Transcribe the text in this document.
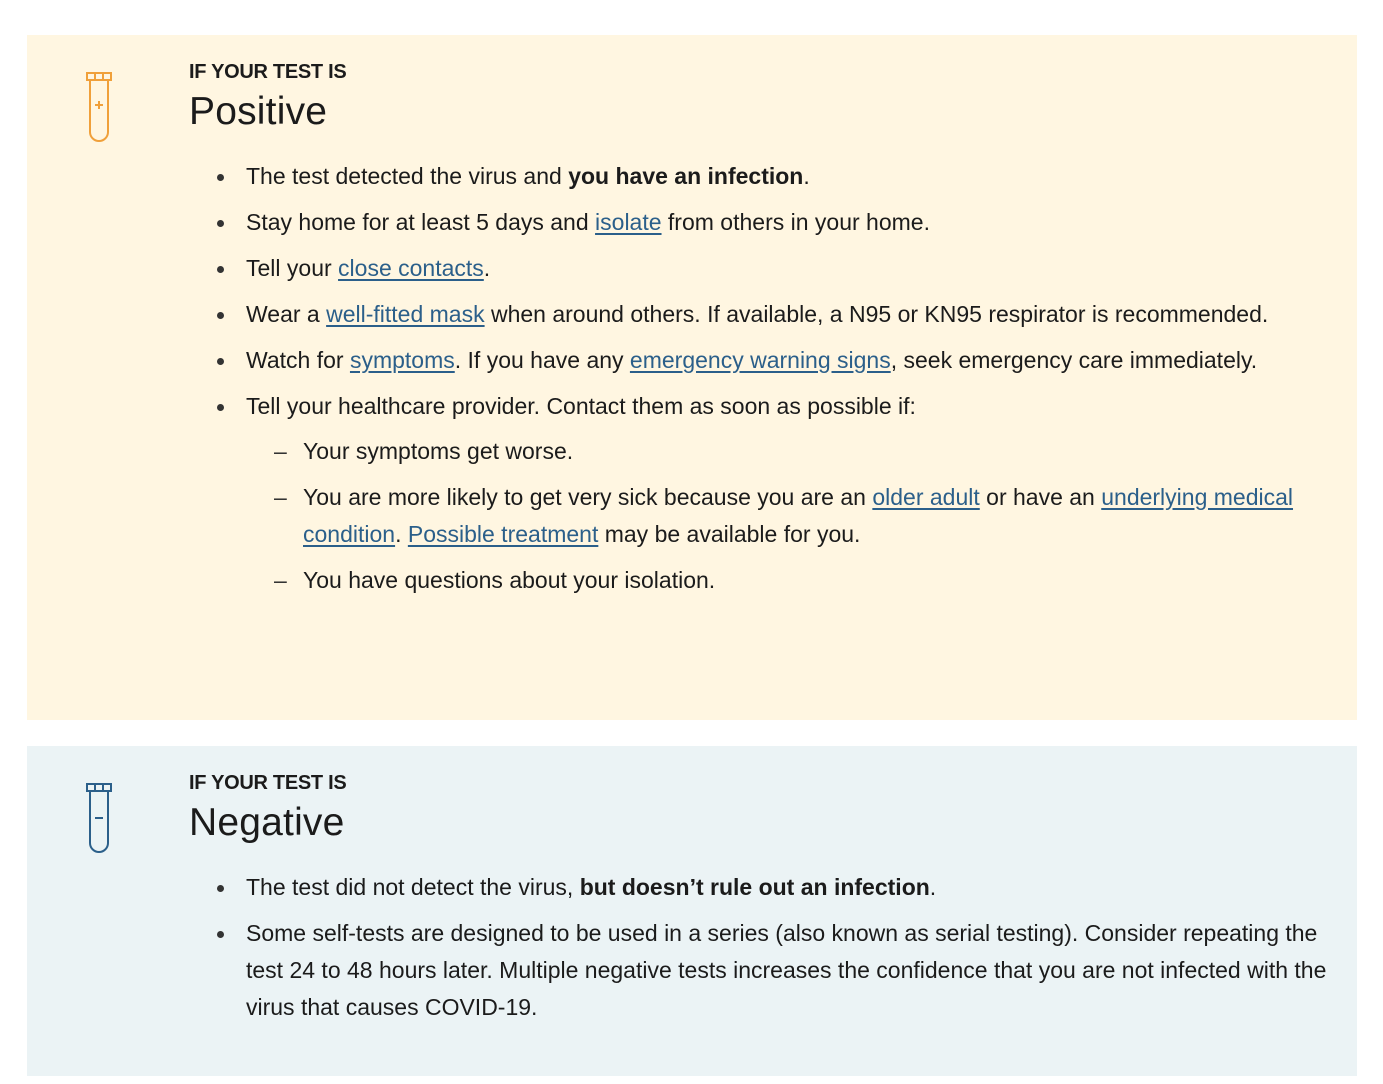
IF YOUR TEST IS
Positive
The test detected the virus and you have an infection.
Stay home for at least 5 days and isolate from others in your home.
Tell your close contacts.
Wear a well-fitted mask when around others. If available, a N95 or KN95 respirator is recommended.
Watch for symptoms. If you have any emergency warning signs, seek emergency care immediately.
Tell your healthcare provider. Contact them as soon as possible if:
– Your symptoms get worse.
– You are more likely to get very sick because you are an older adult or have an underlying medical condition. Possible treatment may be available for you.
– You have questions about your isolation.
IF YOUR TEST IS
Negative
The test did not detect the virus, but doesn’t rule out an infection.
Some self-tests are designed to be used in a series (also known as serial testing). Consider repeating the test 24 to 48 hours later. Multiple negative tests increases the confidence that you are not infected with the virus that causes COVID-19.
